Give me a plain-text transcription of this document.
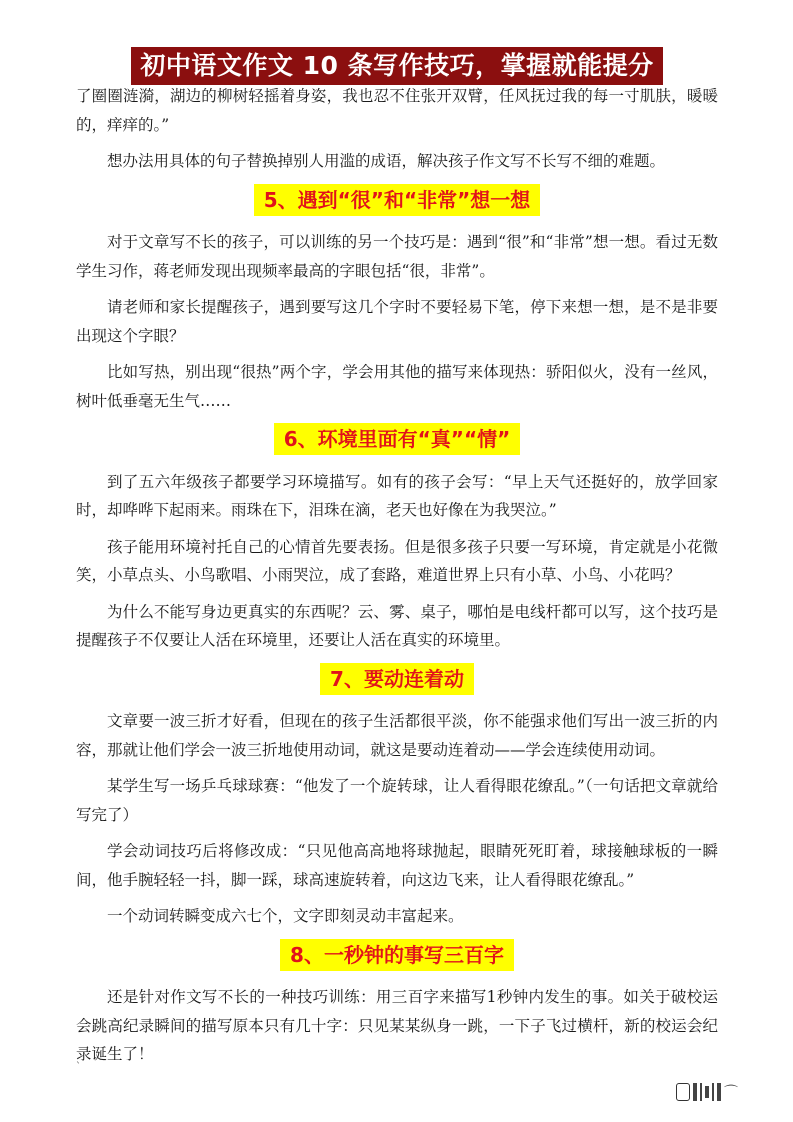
初中语文作文 10 条写作技巧，掌握就能提分

了圈圈涟漪，湖边的柳树轻摇着身姿，我也忍不住张开双臂，任风抚过我的每一寸肌肤，暖暖的，痒痒的。”

想办法用具体的句子替换掉别人用滥的成语，解决孩子作文写不长写不细的难题。

5、遇到“很”和“非常”想一想

对于文章写不长的孩子，可以训练的另一个技巧是：遇到“很”和“非常”想一想。看过无数学生习作，蒋老师发现出现频率最高的字眼包括“很，非常”。

请老师和家长提醒孩子，遇到要写这几个字时不要轻易下笔，停下来想一想，是不是非要出现这个字眼？

比如写热，别出现“很热”两个字，学会用其他的描写来体现热：骄阳似火，没有一丝风，树叶低垂毫无生气……

6、环境里面有“真”“情”

到了五六年级孩子都要学习环境描写。如有的孩子会写：“早上天气还挺好的，放学回家时，却哗哗下起雨来。雨珠在下，泪珠在滴，老天也好像在为我哭泣。”

孩子能用环境衬托自己的心情首先要表扬。但是很多孩子只要一写环境，肯定就是小花微笑，小草点头、小鸟歌唱、小雨哭泣，成了套路，难道世界上只有小草、小鸟、小花吗？

为什么不能写身边更真实的东西呢？云、雾、桌子，哪怕是电线杆都可以写，这个技巧是提醒孩子不仅要让人活在环境里，还要让人活在真实的环境里。

7、要动连着动

文章要一波三折才好看，但现在的孩子生活都很平淡，你不能强求他们写出一波三折的内容，那就让他们学会一波三折地使用动词，就这是要动连着动——学会连续使用动词。

某学生写一场乒乓球球赛：“他发了一个旋转球，让人看得眼花缭乱。”（一句话把文章就给写完了）

学会动词技巧后将修改成：“只见他高高地将球抛起，眼睛死死盯着，球接触球板的一瞬间，他手腕轻轻一抖，脚一踩，球高速旋转着，向这边飞来，让人看得眼花缭乱。”

一个动词转瞬变成六七个，文字即刻灵动丰富起来。

8、一秒钟的事写三百字

还是针对作文写不长的一种技巧训练：用三百字来描写1秒钟内发生的事。如关于破校运会跳高纪录瞬间的描写原本只有几十字：只见某某纵身一跳，一下子飞过横杆，新的校运会纪录诞生了！

`
⌒
